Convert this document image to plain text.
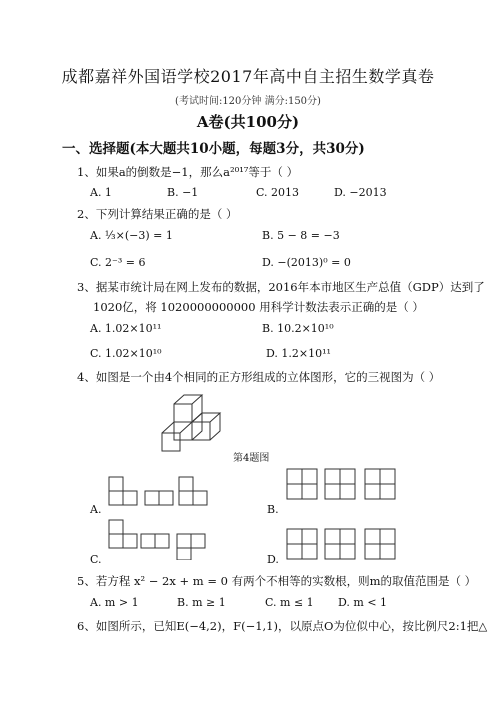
成都嘉祥外国语学校2017年高中自主招生数学真卷
(考试时间:120分钟 满分:150分)
A卷(共100分)
一、选择题(本大题共10小题，每题3分，共30分)
1、如果a的倒数是−1，那么a²⁰¹⁷等于（ ）
A. 1	B. −1	C. 2013	D. −2013
2、下列计算结果正确的是（ ）
A. ⅓×(−3) = 1	B. 5 − 8 = −3
C. 2⁻³ = 6	D. −(2013)⁰ = 0
3、据某市统计局在网上发布的数据，2016年本市地区生产总值（GDP）达到了
1020亿，将 1020000000000 用科学计数法表示正确的是（ ）
A. 1.02×10¹¹	B. 10.2×10¹⁰
C. 1.02×10¹⁰	D. 1.2×10¹¹
4、如图是一个由4个相同的正方形组成的立体图形，它的三视图为（ ）
第4题图
A.	B.
C.	D.
5、若方程 x² − 2x + m = 0 有两个不相等的实数根，则m的取值范围是（ ）
A. m > 1	B. m ≥ 1	C. m ≤ 1 D. m < 1
6、如图所示，已知E(−4,2)，F(−1,1)，以原点O为位似中心，按比例尺2:1把△
